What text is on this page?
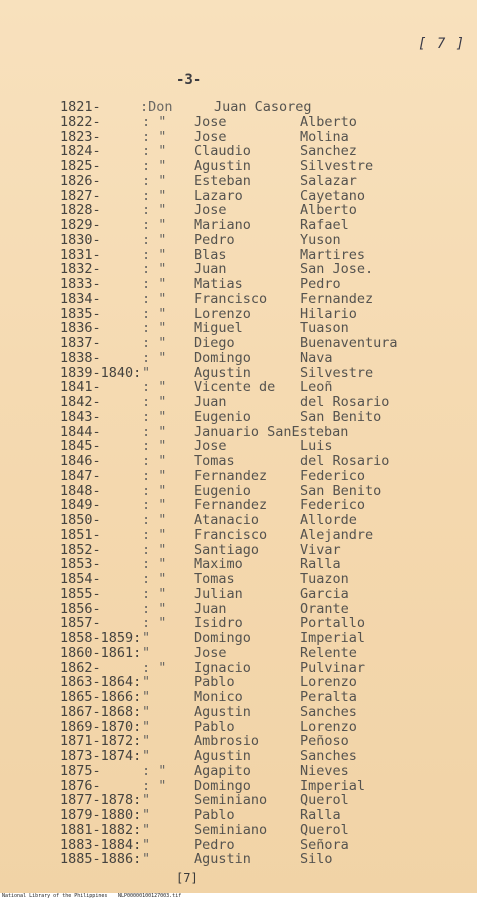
[ 7 ]
-3-
1821-	:Don	Juan Casoreg
1822-	: "	Jose	Alberto
1823-	: "	Jose	Molina
1824-	: "	Claudio	Sanchez
1825-	: "	Agustin	Silvestre
1826-	: "	Esteban	Salazar
1827-	: "	Lazaro	Cayetano
1828-	: "	Jose	Alberto
1829-	: "	Mariano	Rafael
1830-	: "	Pedro	Yuson
1831-	: "	Blas	Martires
1832-	: "	Juan	San Jose.
1833-	: "	Matias	Pedro
1834-	: "	Francisco Fernandez
1835-	: "	Lorenzo	Hilario
1836-	: "	Miguel	Tuason
1837-	: "	Diego	Buenaventura
1838-	: "	Domingo	Nava
1839-1840: "	Agustin	Silvestre
1841-	: "	Vicente de Leoñ
1842-	: "	Juan	del Rosario
1843-	: "	Eugenio	San Benito
1844-	: "	Januario SanEsteban
1845-	: "	Jose	Luis
1846-	: "	Tomas	del Rosario
1847-	: "	Fernandez Federico
1848-	: "	Eugenio	San Benito
1849-	: "	Fernandez Federico
1850-	: "	Atanacio	Allorde
1851-	: "	Francisco Alejandre
1852-	: "	Santiago	Vivar
1853-	: "	Maximo	Ralla
1854-	: "	Tomas	Tuazon
1855-	: "	Julian	Garcia
1856-	: "	Juan	Orante
1857-	: "	Isidro	Portallo
1858-1859: "	Domingo	Imperial
1860-1861: "	Jose	Relente
1862-	: "	Ignacio	Pulvinar
1863-1864: "	Pablo	Lorenzo
1865-1866: "	Monico	Peralta
1867-1868: "	Agustin	Sanches
1869-1870: "	Pablo	Lorenzo
1871-1872: "	Ambrosio	Peñoso
1873-1874: "	Agustin	Sanches
1875-	: "	Agapito	Nieves
1876-	: "	Domingo	Imperial
1877-1878: "	Seminiano Querol
1879-1880: "	Pablo	Ralla
1881-1882: "	Seminiano Querol
1883-1884: "	Pedro	Señora
1885-1886: "	Agustin	Silo
[7]
National Library of the Philippines NLP00000100127003.tif
